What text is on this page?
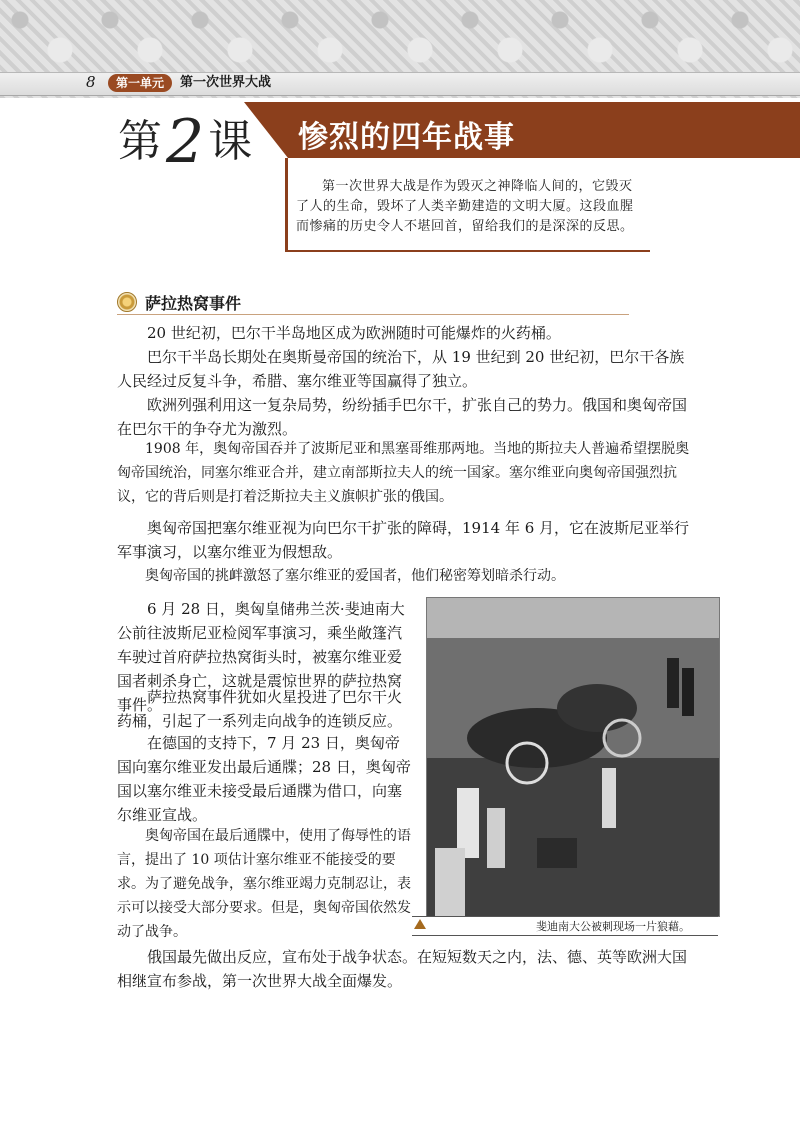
8	第一单元	第一次世界大战
第 2 课 惨烈的四年战事

第一次世界大战是作为毁灭之神降临人间的，它毁灭了人的生命，毁坏了人类辛勤建造的文明大厦。这段血腥而惨痛的历史令人不堪回首，留给我们的是深深的反思。

萨拉热窝事件

20 世纪初，巴尔干半岛地区成为欧洲随时可能爆炸的火药桶。

巴尔干半岛长期处在奥斯曼帝国的统治下，从 19 世纪到 20 世纪初，巴尔干各族人民经过反复斗争，希腊、塞尔维亚等国赢得了独立。

欧洲列强利用这一复杂局势，纷纷插手巴尔干，扩张自己的势力。俄国和奥匈帝国在巴尔干的争夺尤为激烈。

1908 年，奥匈帝国吞并了波斯尼亚和黑塞哥维那两地。当地的斯拉夫人普遍希望摆脱奥匈帝国统治，同塞尔维亚合并，建立南部斯拉夫人的统一国家。塞尔维亚向奥匈帝国强烈抗议，它的背后则是打着泛斯拉夫主义旗帜扩张的俄国。

奥匈帝国把塞尔维亚视为向巴尔干扩张的障碍，1914 年 6 月，它在波斯尼亚举行军事演习，以塞尔维亚为假想敌。

奥匈帝国的挑衅激怒了塞尔维亚的爱国者，他们秘密筹划暗杀行动。

6 月 28 日，奥匈皇储弗兰茨·斐迪南大公前往波斯尼亚检阅军事演习，乘坐敞篷汽车驶过首府萨拉热窝街头时，被塞尔维亚爱国者刺杀身亡，这就是震惊世界的萨拉热窝事件。

萨拉热窝事件犹如火星投进了巴尔干火药桶，引起了一系列走向战争的连锁反应。

在德国的支持下，7 月 23 日，奥匈帝国向塞尔维亚发出最后通牒；28 日，奥匈帝国以塞尔维亚未接受最后通牒为借口，向塞尔维亚宣战。

奥匈帝国在最后通牒中，使用了侮辱性的语言，提出了 10 项估计塞尔维亚不能接受的要求。为了避免战争，塞尔维亚竭力克制忍让，表示可以接受大部分要求。但是，奥匈帝国依然发动了战争。	斐迪南大公被刺现场一片狼藉。

俄国最先做出反应，宣布处于战争状态。在短短数天之内，法、德、英等欧洲大国相继宣布参战，第一次世界大战全面爆发。
